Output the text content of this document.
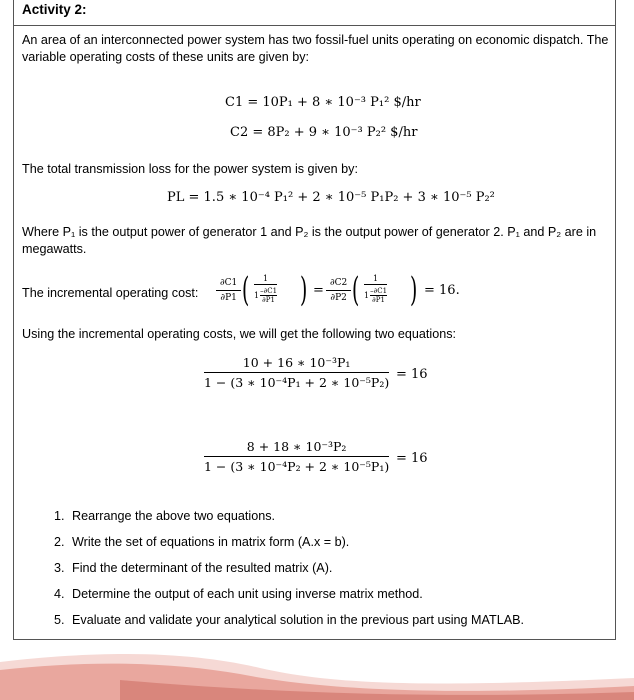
Activity 2:
An area of an interconnected power system has two fossil-fuel units operating on economic dispatch. The variable operating costs of these units are given by:
C1 = 10P₁ + 8 ∗ 10⁻³ P₁² $/hr
C2 = 8P₂ + 9 ∗ 10⁻³ P₂² $/hr
The total transmission loss for the power system is given by:
PL = 1.5 ∗ 10⁻⁴ P₁² + 2 ∗ 10⁻⁵ P₁P₂ + 3 ∗ 10⁻⁵ P₂²
Where P₁ is the output power of generator 1 and P₂ is the output power of generator 2. P₁ and P₂ are in megawatts.
The incremental operating cost:	$\frac{\partial C1}{\partial P1}$ ( 1
1 –∂C1
∂P1 ) = $\frac{\partial C2}{\partial P2}$ ( 1
1 –∂C1
∂P1 ) = 16.
Using the incremental operating costs, we will get the following two equations:
$\frac{\text{10 + 16 ∗ 10⁻³P₁}}{\text{1 − (3 ∗ 10⁻⁴P₁ + 2 ∗ 10⁻⁵P₂)}} = 16$
$\frac{\text{8 + 18 ∗ 10⁻³P₂}}{\text{1 − (3 ∗ 10⁻⁴P₂ + 2 ∗ 10⁻⁵P₁)}} = 16$
1. Rearrange the above two equations.
2. Write the set of equations in matrix form (A.x = b).
3. Find the determinant of the resulted matrix (A).
4. Determine the output of each unit using inverse matrix method.
5. Evaluate and validate your analytical solution in the previous part using MATLAB.
